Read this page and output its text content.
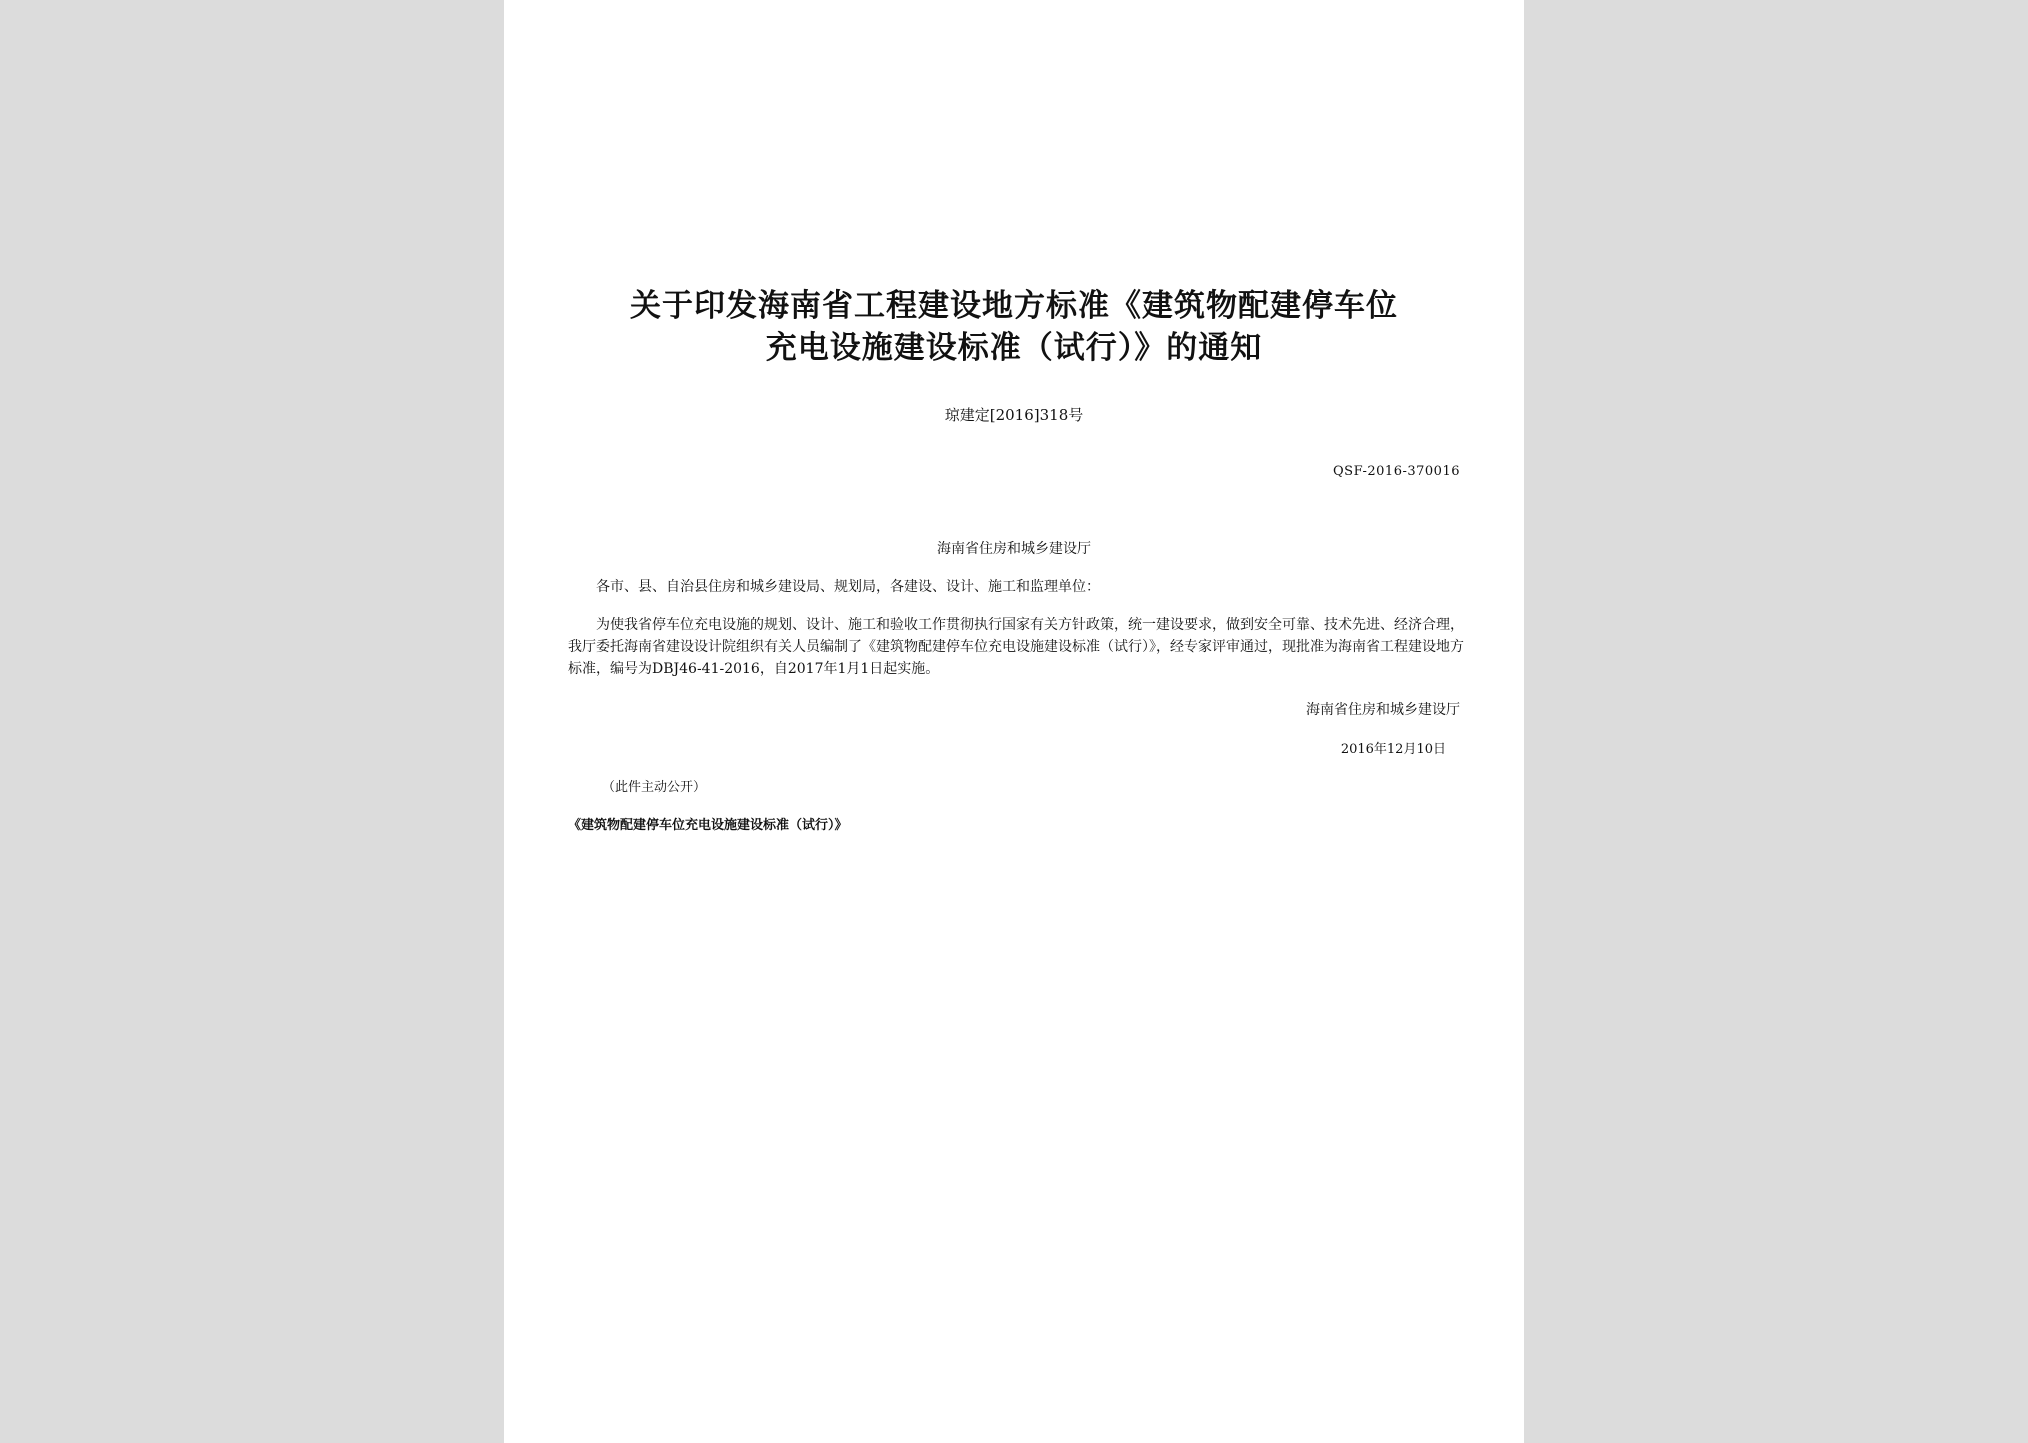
关于印发海南省工程建设地方标准《建筑物配建停车位
充电设施建设标准（试行）》的通知
琼建定[2016]318号
QSF-2016-370016
海南省住房和城乡建设厅
各市、县、自治县住房和城乡建设局、规划局，各建设、设计、施工和监理单位：
为使我省停车位充电设施的规划、设计、施工和验收工作贯彻执行国家有关方针政策，统一建设要求，做到安全可靠、技术先进、经济合理，我厅委托海南省建设设计院组织有关人员编制了《建筑物配建停车位充电设施建设标准（试行）》，经专家评审通过，现批准为海南省工程建设地方标准，编号为DBJ46-41-2016，自2017年1月1日起实施。
海南省住房和城乡建设厅
2016年12月10日
（此件主动公开）
《建筑物配建停车位充电设施建设标准（试行）》
